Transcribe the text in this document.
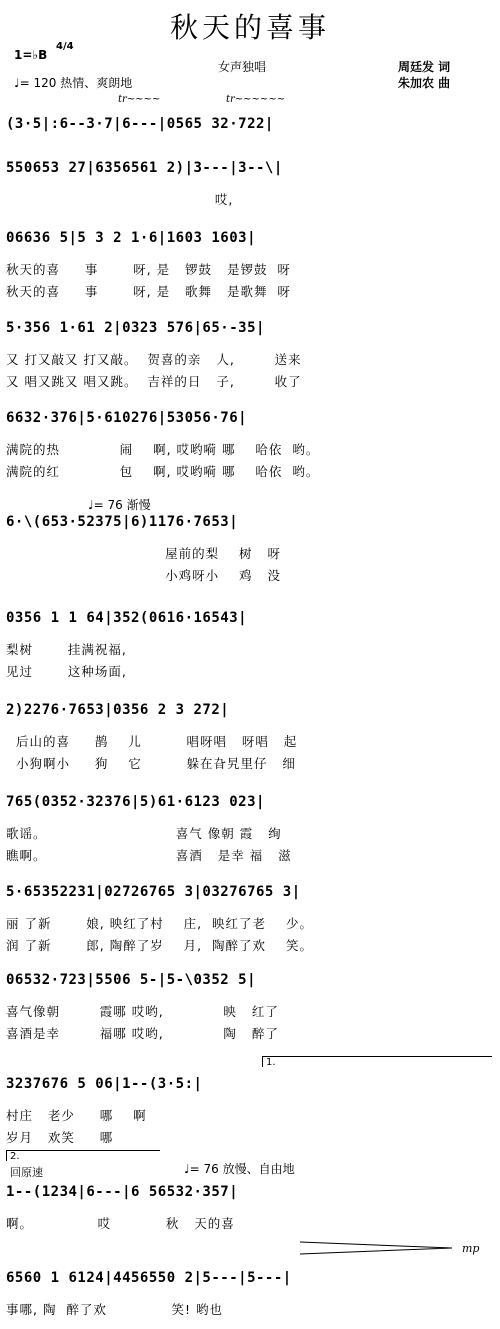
秋天的喜事
1=♭B
4/4
女声独唱	周廷发 词
♩= 120 热情、爽朗地	朱加农 曲
tr~~~~	tr~~~~~~
(3·5|:6--3·7|6---|0565 32·722|
550653 27|6356561 2)|3---|3--\|
哎,
06636 5|5 3 2 1·6|1603 1603|
秋天的喜     事       呀, 是   锣鼓   是锣鼓  呀
秋天的喜     事       呀, 是   歌舞   是歌舞  呀
5·356 1·61 2|0323 576|65·-35|
又 打又敲又 打又敲。  贺喜的亲   人,        送来
又 唱又跳又 唱又跳。  吉祥的日   子,        收了
6632·376|5·610276|53056·76|
满院的热            闹    啊, 哎哟嗬 哪    哈依  哟。
满院的红            包    啊, 哎哟嗬 哪    哈依  哟。
♩= 76 渐慢
6·\(653·52375|6)1176·7653|
屋前的梨    树   呀
小鸡呀小    鸡   没
0356 1 1 64|352(0616·16543|
梨树       挂满祝福,
见过       这种场面,
2)2276·7653|0356 2 3 272|
后山的喜     鹊    儿         唱呀唱   呀唱   起
小狗啊小     狗    它         躲在旮旯里仔   细
765(0352·32376|5)61·6123 023|
歌谣。                          喜气 像朝 霞   绚
瞧啊。                          喜酒   是幸 福   滋
5·65352231|02726765 3|03276765 3|
丽 了新       娘, 映红了村    庄,  映红了老    少。
润 了新       郎, 陶醉了岁    月,  陶醉了欢    笑。
06532·723|5506 5-|5-\0352 5|
喜气像朝        霞哪 哎哟,            映   红了
喜酒是幸        福哪 哎哟,            陶   醉了
1.
3237676 5 06|1--(3·5:|
村庄   老少     哪    啊
岁月   欢笑     哪
2.
回原速	♩= 76 放慢、自由地
1--(1234|6---|6 56532·357|
啊。             哎           秋   天的喜
mp
6560 1 6124|4456550 2|5---|5---|
事哪, 陶  醉了欢             笑! 哟也
